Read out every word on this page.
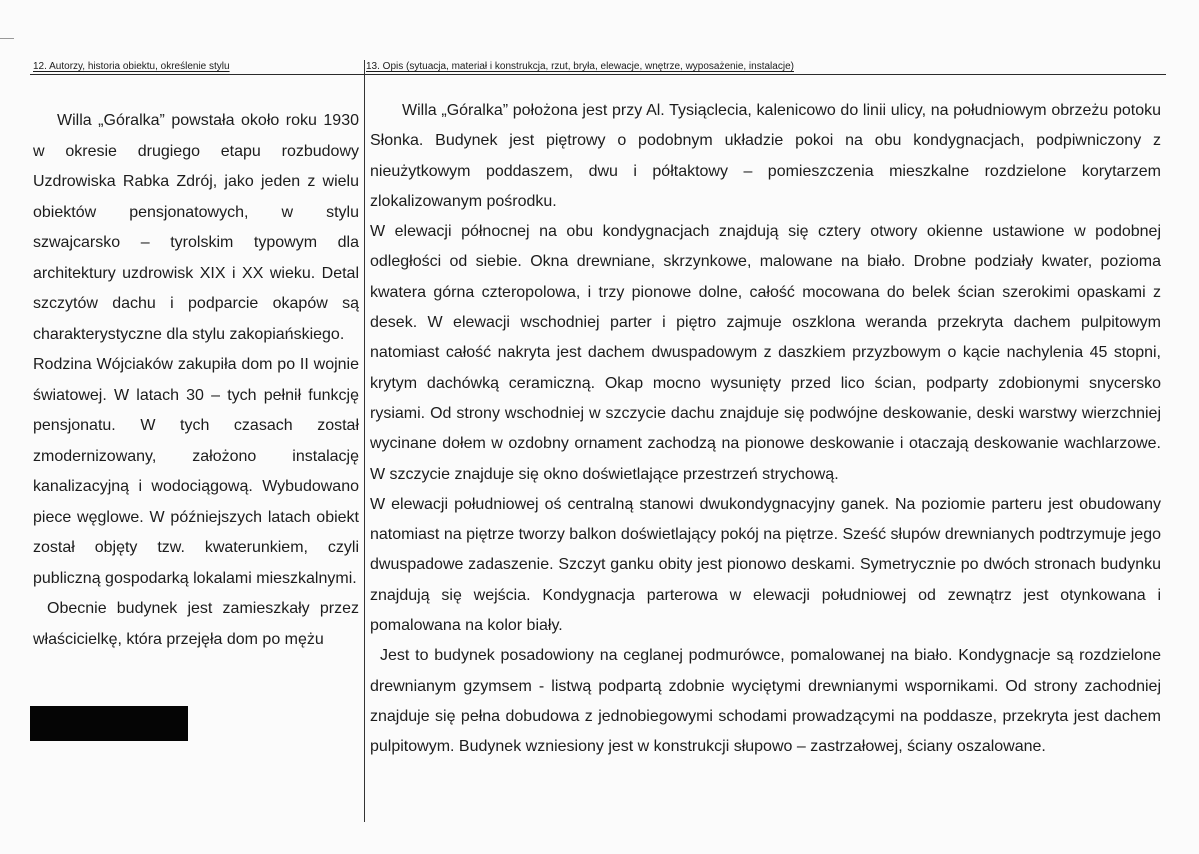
12. Autorzy, historia obiektu, określenie stylu	13. Opis (sytuacja, materiał i konstrukcja, rzut, bryła, elewacje, wnętrze, wyposażenie, instalacje)

Willa „Góralka” powstała około roku 1930 w okresie drugiego etapu rozbudowy Uzdrowiska Rabka Zdrój, jako jeden z wielu obiektów pensjonatowych, w stylu szwajcarsko – tyrolskim typowym dla architektury uzdrowisk XIX i XX wieku. Detal szczytów dachu i podparcie okapów są charakterystyczne dla stylu zakopiańskiego.

Rodzina Wójciaków zakupiła dom po II wojnie światowej. W latach 30 – tych pełnił funkcję pensjonatu. W tych czasach został zmodernizowany, założono instalację kanalizacyjną i wodociągową. Wybudowano piece węglowe. W późniejszych latach obiekt został objęty tzw. kwaterunkiem, czyli publiczną gospodarką lokalami mieszkalnymi.

Obecnie budynek jest zamieszkały przez właścicielkę, która przejęła dom po mężu

Willa „Góralka” położona jest przy Al. Tysiąclecia, kalenicowo do linii ulicy, na południowym obrzeżu potoku Słonka. Budynek jest piętrowy o podobnym układzie pokoi na obu kondygnacjach, podpiwniczony z nieużytkowym poddaszem, dwu i półtaktowy – pomieszczenia mieszkalne rozdzielone korytarzem zlokalizowanym pośrodku.

W elewacji północnej na obu kondygnacjach znajdują się cztery otwory okienne ustawione w podobnej odległości od siebie. Okna drewniane, skrzynkowe, malowane na biało. Drobne podziały kwater, pozioma kwatera górna czteropolowa, i trzy pionowe dolne, całość mocowana do belek ścian szerokimi opaskami z desek. W elewacji wschodniej parter i piętro zajmuje oszklona weranda przekryta dachem pulpitowym natomiast całość nakryta jest dachem dwuspadowym z daszkiem przyzbowym o kącie nachylenia 45 stopni, krytym dachówką ceramiczną. Okap mocno wysunięty przed lico ścian, podparty zdobionymi snycersko rysiami. Od strony wschodniej w szczycie dachu znajduje się podwójne deskowanie, deski warstwy wierzchniej wycinane dołem w ozdobny ornament zachodzą na pionowe deskowanie i otaczają deskowanie wachlarzowe. W szczycie znajduje się okno doświetlające przestrzeń strychową.

W elewacji południowej oś centralną stanowi dwukondygnacyjny ganek. Na poziomie parteru jest obudowany natomiast na piętrze tworzy balkon doświetlający pokój na piętrze. Sześć słupów drewnianych podtrzymuje jego dwuspadowe zadaszenie. Szczyt ganku obity jest pionowo deskami. Symetrycznie po dwóch stronach budynku znajdują się wejścia. Kondygnacja parterowa w elewacji południowej od zewnątrz jest otynkowana i pomalowana na kolor biały.

Jest to budynek posadowiony na ceglanej podmurówce, pomalowanej na biało. Kondygnacje są rozdzielone drewnianym gzymsem - listwą podpartą zdobnie wyciętymi drewnianymi wspornikami. Od strony zachodniej znajduje się pełna dobudowa z jednobiegowymi schodami prowadzącymi na poddasze, przekryta jest dachem pulpitowym. Budynek wzniesiony jest w konstrukcji słupowo – zastrzałowej, ściany oszalowane.
